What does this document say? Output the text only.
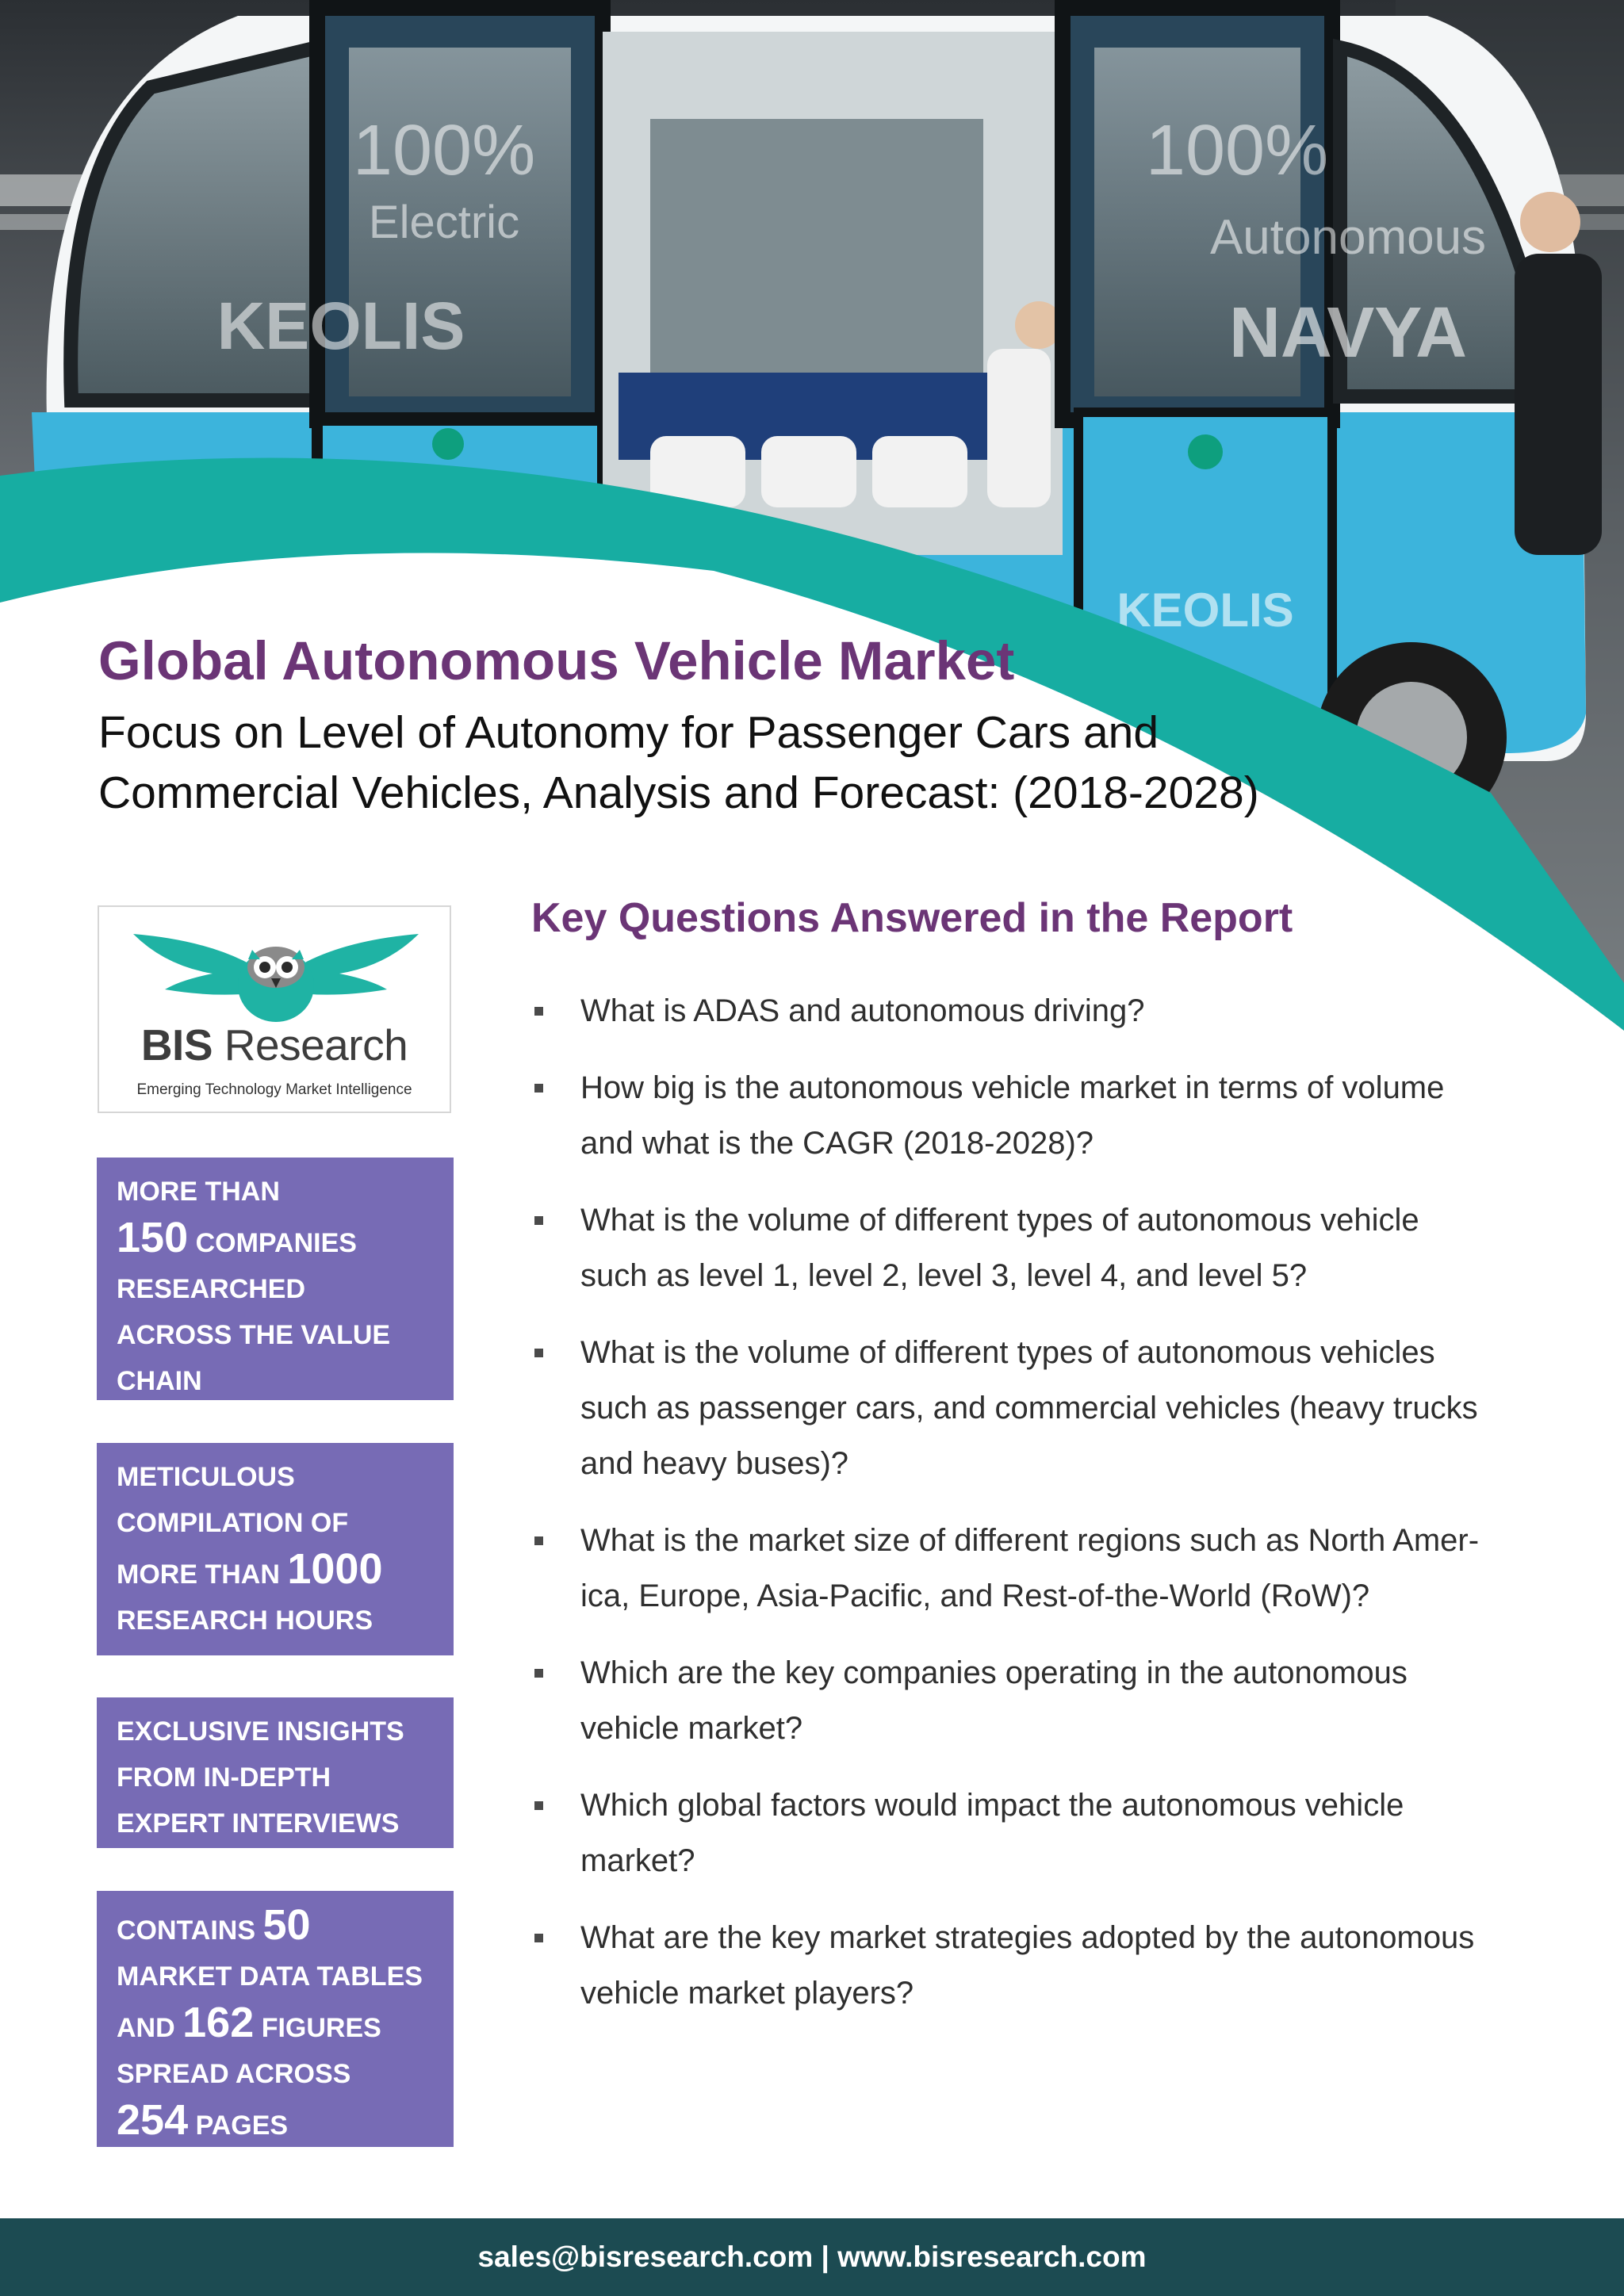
100%
Electric
KEOLIS
100%
Autonomous
NAVYA
KEOLIS
Global Autonomous Vehicle Market
Focus on Level of Autonomy for Passenger Cars and
Commercial Vehicles, Analysis and Forecast: (2018-2028)
BIS Research
Emerging Technology Market Intelligence
MORE THAN
150 COMPANIES
RESEARCHED
ACROSS THE VALUE
CHAIN
METICULOUS
COMPILATION OF
MORE THAN 1000
RESEARCH HOURS
EXCLUSIVE INSIGHTS
FROM IN-DEPTH
EXPERT INTERVIEWS
CONTAINS 50
MARKET DATA TABLES
AND 162 FIGURES
SPREAD ACROSS
254 PAGES
Key Questions Answered in the Report
What is ADAS and autonomous driving?
How big is the autonomous vehicle market in terms of volume
and what is the CAGR (2018-2028)?
What is the volume of different types of autonomous vehicle
such as level 1, level 2, level 3, level 4, and level 5?
What is the volume of different types of autonomous vehicles
such as passenger cars, and commercial vehicles (heavy trucks
and heavy buses)?
What is the market size of different regions such as North Amer-
ica, Europe, Asia-Pacific, and Rest-of-the-World (RoW)?
Which are the key companies operating in the autonomous
vehicle market?
Which global factors would impact the autonomous vehicle
market?
What are the key market strategies adopted by the autonomous
vehicle market players?
sales@bisresearch.com | www.bisresearch.com
